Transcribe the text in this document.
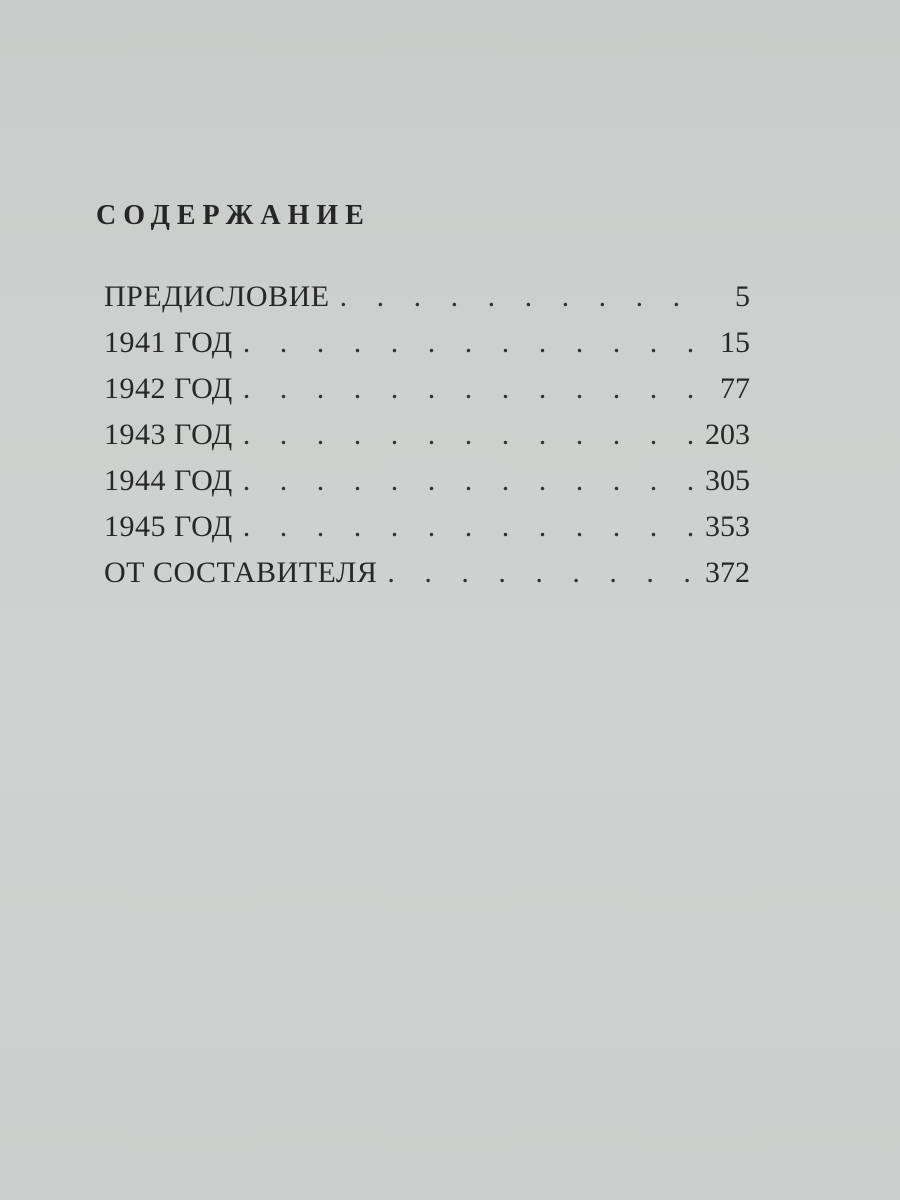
СОДЕРЖАНИЕ
ПРЕДИСЛОВИЕ . . .	5
1941 ГОД . . .	15
1942 ГОД . . .	77
1943 ГОД . . .	203
1944 ГОД . . .	305
1945 ГОД . . .	353
ОТ СОСТАВИТЕЛЯ . . .	372
